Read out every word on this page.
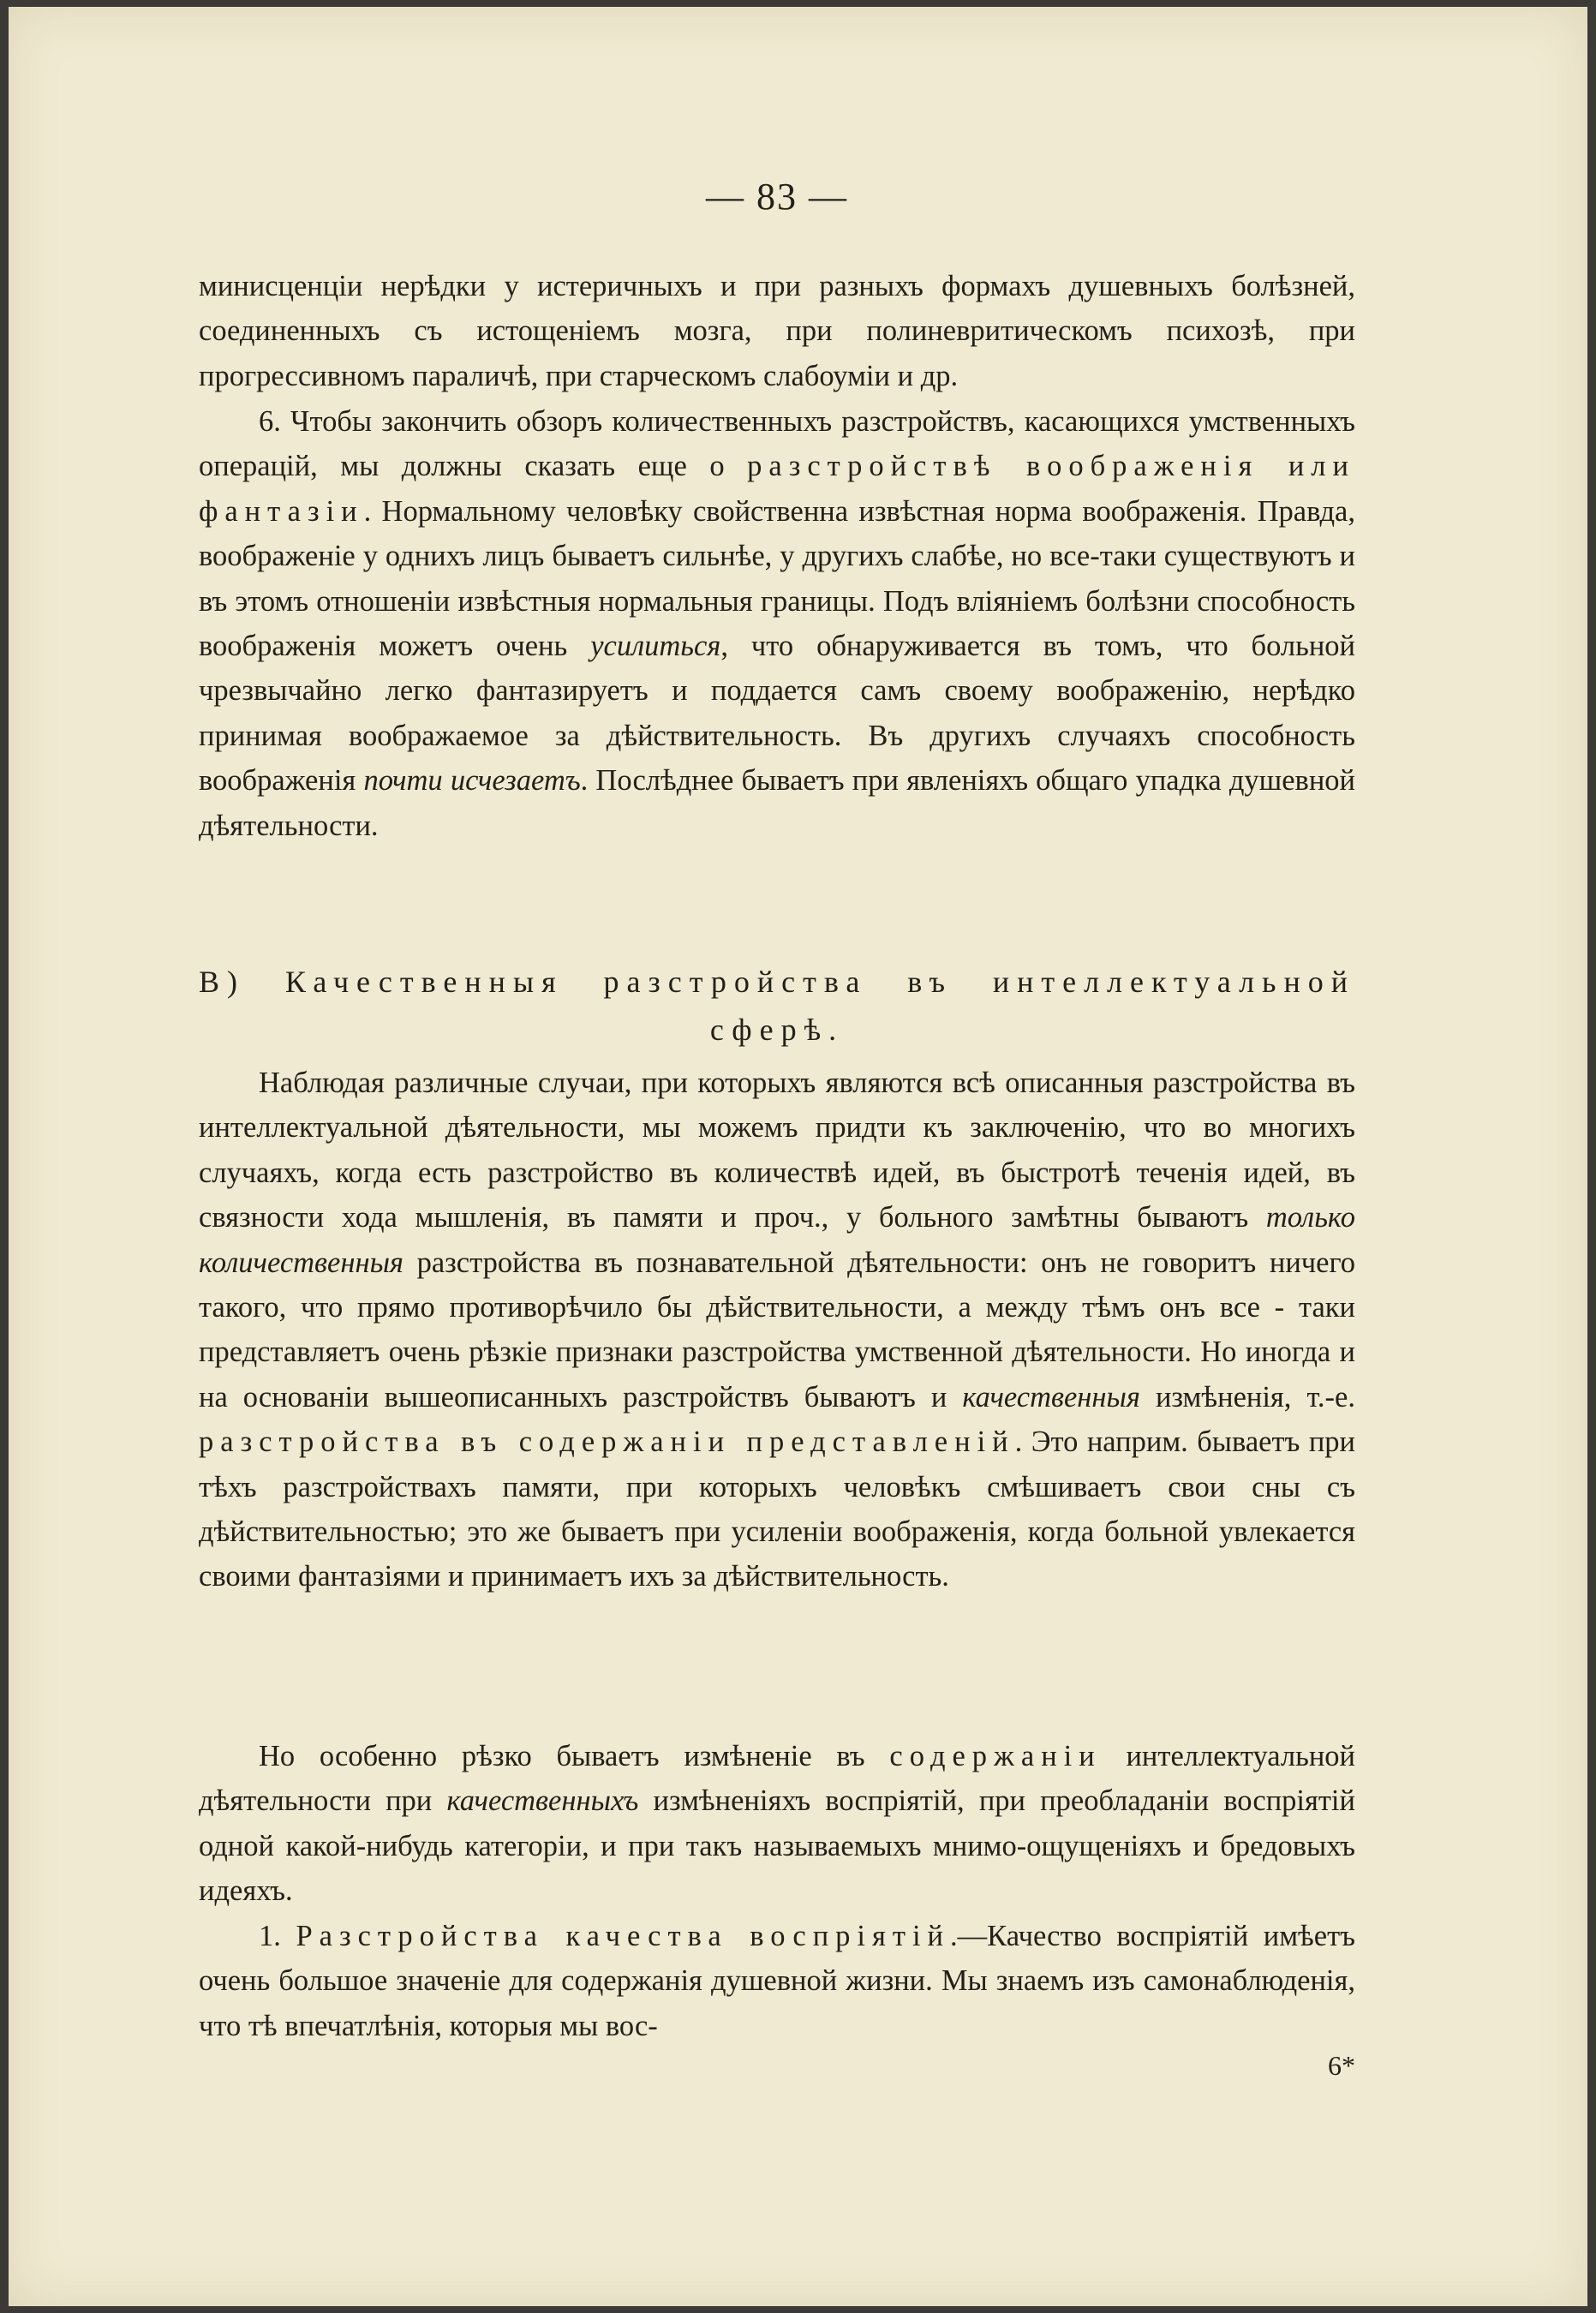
— 83 —

минисценціи нерѣдки у истеричныхъ и при разныхъ формахъ душевныхъ болѣзней, соединенныхъ съ истощеніемъ мозга, при полиневритическомъ психозѣ, при прогрессивномъ параличѣ, при старческомъ слабоуміи и др.

6. Чтобы закончить обзоръ количественныхъ разстройствъ, касающихся умственныхъ операцій, мы должны сказать еще о разстройствѣ воображенія или фантазіи. Нормальному человѣку свойственна извѣстная норма воображенія. Правда, воображеніе у однихъ лицъ бываетъ сильнѣе, у другихъ слабѣе, но все-таки существуютъ и въ этомъ отношеніи извѣстныя нормальныя границы. Подъ вліяніемъ болѣзни способность воображенія можетъ очень усилиться, что обнаруживается въ томъ, что больной чрезвычайно легко фантазируетъ и поддается самъ своему воображенію, нерѣдко принимая воображаемое за дѣйствительность. Въ другихъ случаяхъ способность воображенія почти исчезаетъ. Послѣднее бываетъ при явленіяхъ общаго упадка душевной дѣятельности.

В) Качественныя разстройства въ интеллектуальной
сферѣ.

Наблюдая различные случаи, при которыхъ являются всѣ описанныя разстройства въ интеллектуальной дѣятельности, мы можемъ придти къ заключенію, что во многихъ случаяхъ, когда есть разстройство въ количествѣ идей, въ быстротѣ теченія идей, въ связности хода мышленія, въ памяти и проч., у больного замѣтны бываютъ только количественныя разстройства въ познавательной дѣятельности: онъ не говоритъ ничего такого, что прямо противорѣчило бы дѣйствительности, а между тѣмъ онъ все - таки представляетъ очень рѣзкіе признаки разстройства умственной дѣятельности. Но иногда и на основаніи вышеописанныхъ разстройствъ бываютъ и качественныя измѣненія, т.-е. разстройства въ содержаніи представленій. Это наприм. бываетъ при тѣхъ разстройствахъ памяти, при которыхъ человѣкъ смѣшиваетъ свои сны съ дѣйствительностью; это же бываетъ при усиленіи воображенія, когда больной увлекается своими фантазіями и принимаетъ ихъ за дѣйствительность.

Но особенно рѣзко бываетъ измѣненіе въ содержаніи интеллектуальной дѣятельности при качественныхъ измѣненіяхъ воспріятій, при преобладаніи воспріятій одной какой-нибудь категоріи, и при такъ называемыхъ мнимо-ощущеніяхъ и бредовыхъ идеяхъ.

1. Разстройства качества воспріятій.—Качество воспріятій имѣетъ очень большое значеніе для содержанія душевной жизни. Мы знаемъ изъ самонаблюденія, что тѣ впечатлѣнія, которыя мы вос-

6*
